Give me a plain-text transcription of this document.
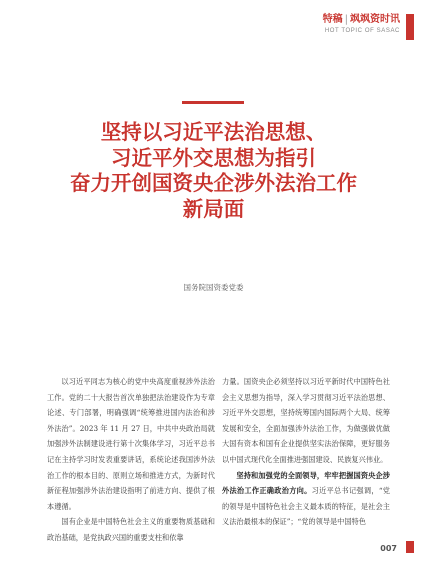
特稿 | 飒飒资时讯
HOT TOPIC OF SASAC
坚持以习近平法治思想、
习近平外交思想为指引
奋力开创国资央企涉外法治工作
新局面
国务院国资委党委

以习近平同志为核心的党中央高度重视涉外法治工作。党的二十大报告首次单独把法治建设作为专章论述、专门部署，明确强调“统筹推进国内法治和涉外法治”。2023 年 11 月 27 日，中共中央政治局就加强涉外法制建设进行第十次集体学习，习近平总书记在主持学习时发表重要讲话，系统论述我国涉外法治工作的根本目的、原则立场和推进方式，为新时代新征程加强涉外法治建设指明了前进方向、提供了根本遵循。

国有企业是中国特色社会主义的重要物质基础和政治基础，是党执政兴国的重要支柱和依靠

力量。国资央企必须坚持以习近平新时代中国特色社会主义思想为指导，深入学习贯彻习近平法治思想、习近平外交思想，坚持统筹国内国际两个大局、统筹发展和安全，全面加强涉外法治工作，为做强做优做大国有资本和国有企业提供坚实法治保障，更好服务以中国式现代化全面推进强国建设、民族复兴伟业。

坚持和加强党的全面领导，牢牢把握国资央企涉外法治工作正确政治方向。习近平总书记强调，“党的领导是中国特色社会主义最本质的特征，是社会主义法治最根本的保证”；“党的领导是中国特色

007
